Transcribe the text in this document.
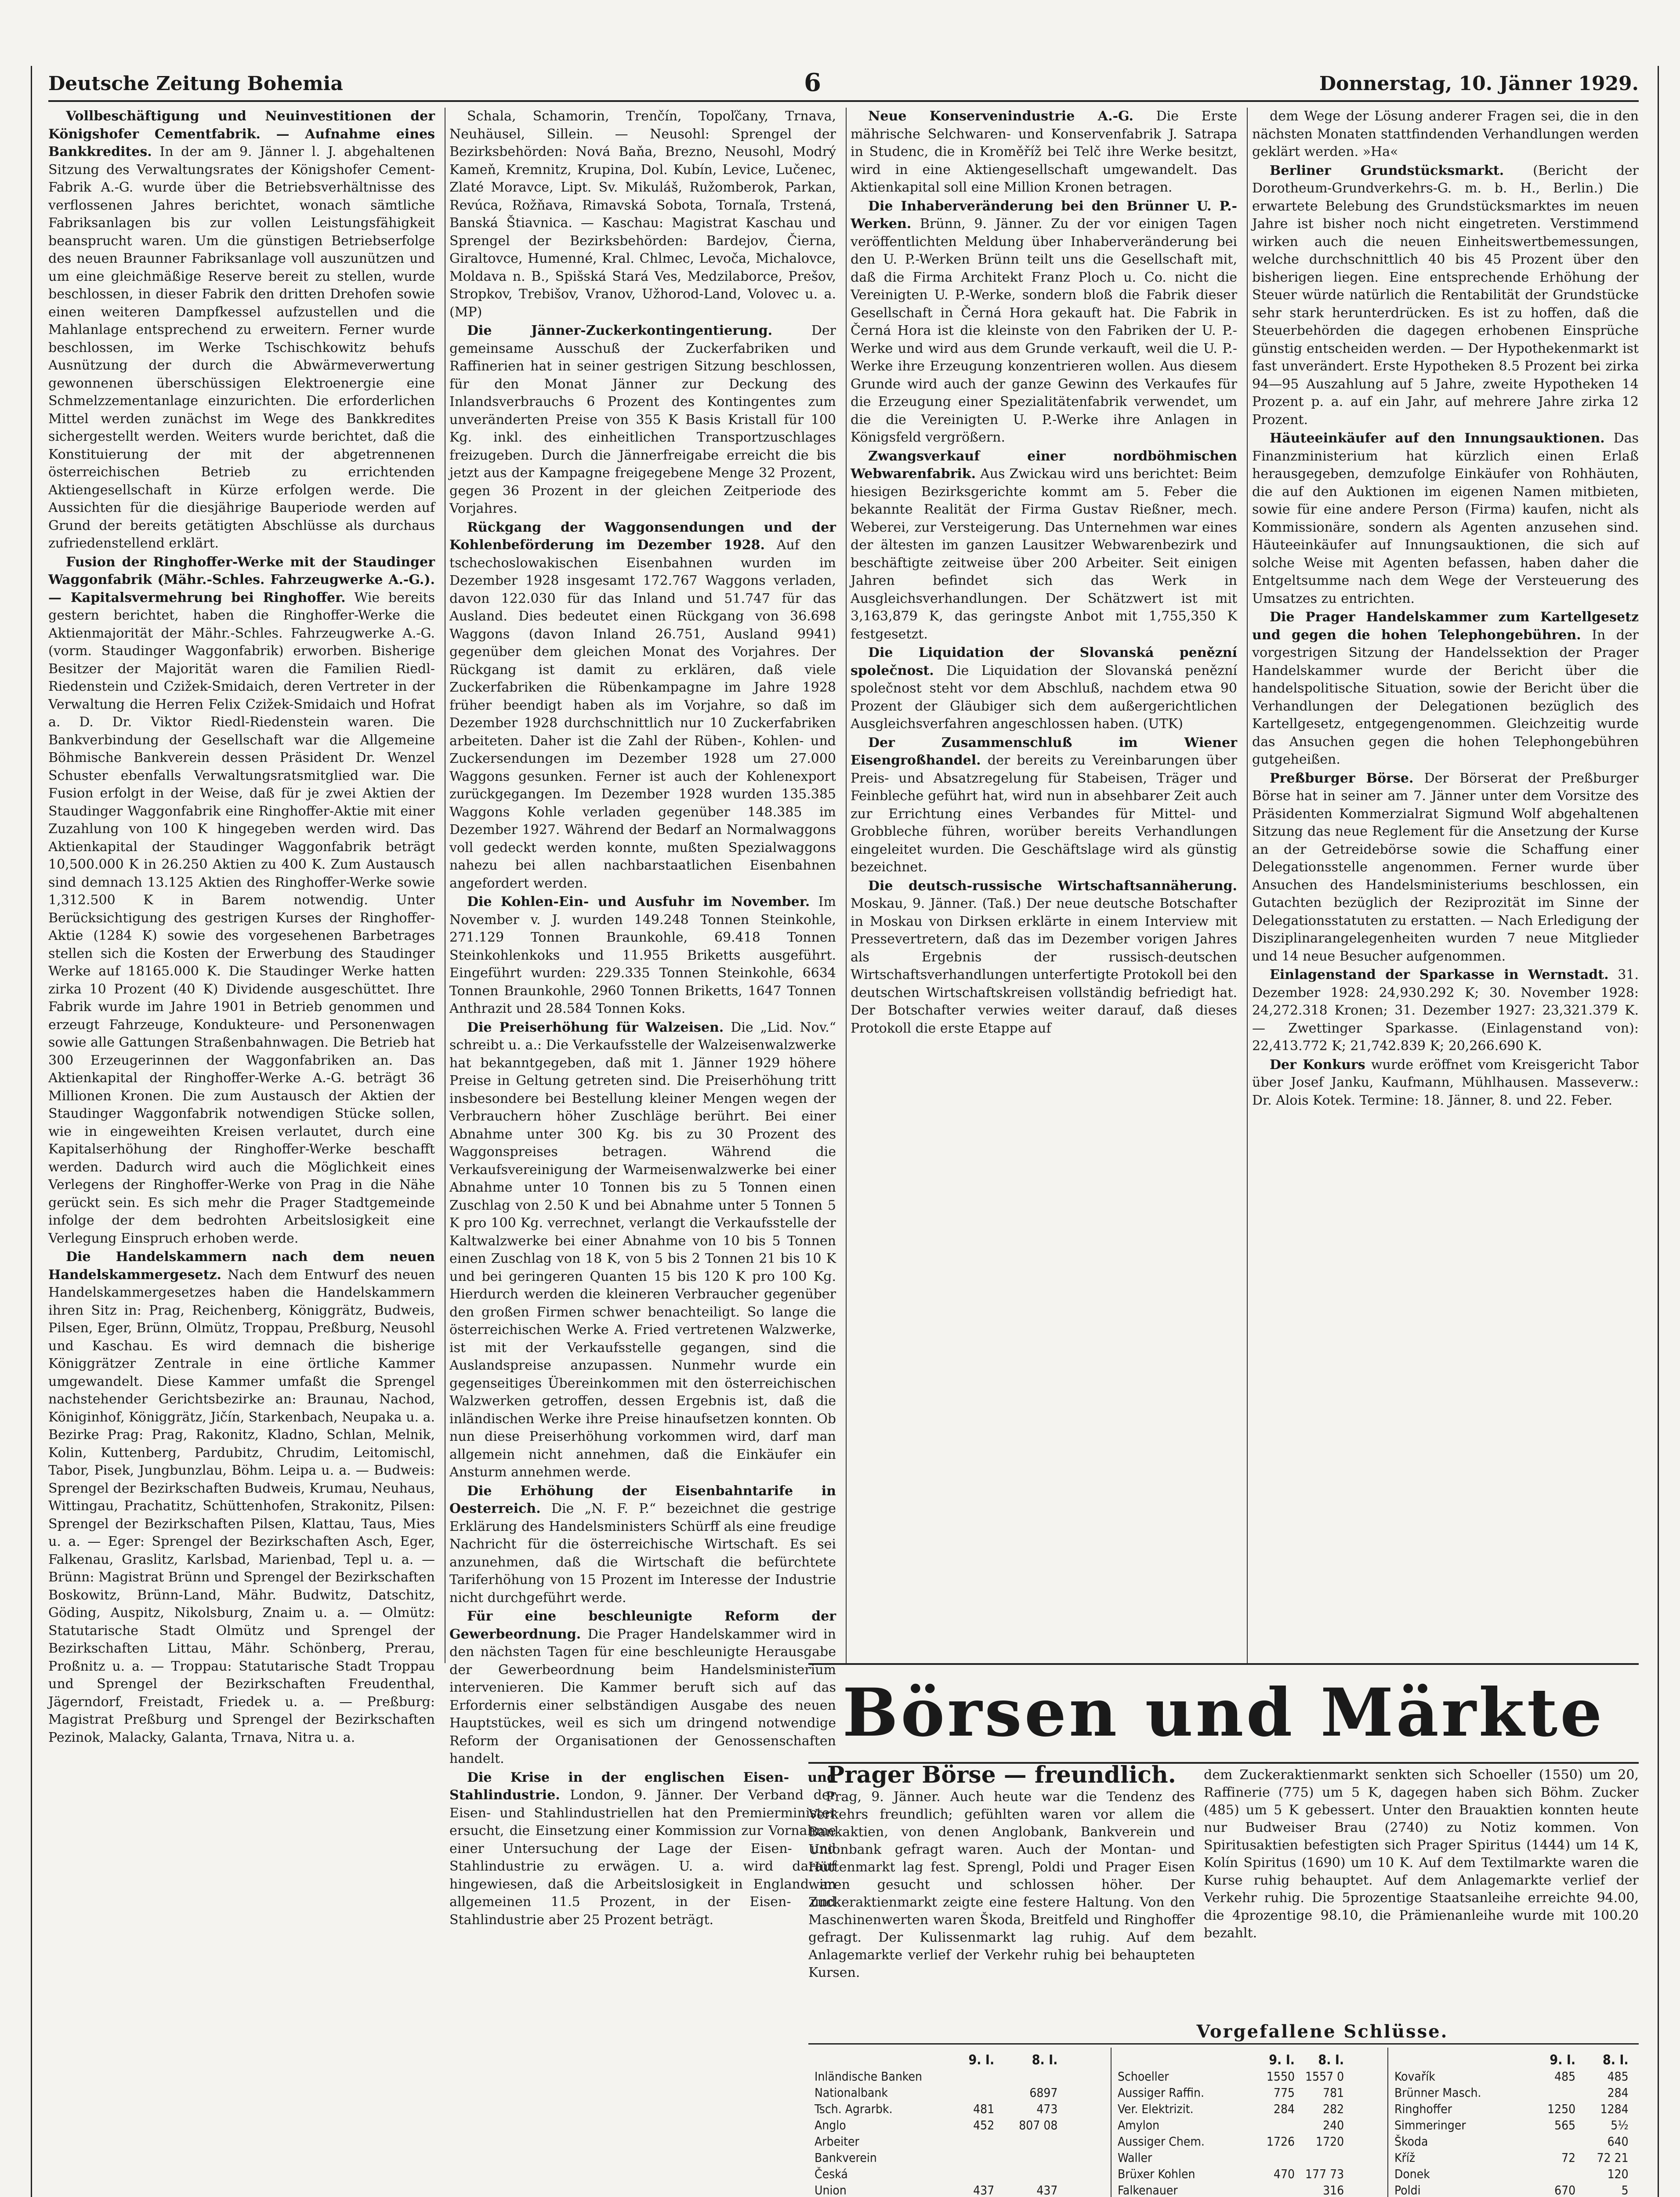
Deutsche Zeitung Bohemia	6	Donnerstag, 10. Jänner 1929.

Vollbeschäftigung und Neuinvestitionen der Königshofer Cementfabrik. — Aufnahme eines Bankkredites. In der am 9. Jänner l. J. abgehaltenen Sitzung des Verwaltungsrates der Königshofer Cement-Fabrik A.-G. wurde über die Betriebsverhältnisse des verflossenen Jahres berichtet, wonach sämtliche Fabriksanlagen bis zur vollen Leistungsfähigkeit beansprucht waren. Um die günstigen Betriebserfolge des neuen Braunner Fabriksanlage voll auszunützen und um eine gleichmäßige Reserve bereit zu stellen, wurde beschlossen, in dieser Fabrik den dritten Drehofen sowie einen weiteren Dampfkessel aufzustellen und die Mahlanlage entsprechend zu erweitern. Ferner wurde beschlossen, im Werke Tschischkowitz behufs Ausnützung der durch die Abwärmeverwertung gewonnenen überschüssigen Elektroenergie eine Schmelzzementanlage einzurichten. Die erforderlichen Mittel werden zunächst im Wege des Bankkredites sichergestellt werden. Weiters wurde berichtet, daß die Konstituierung der mit der abgetrennenen österreichischen Betrieb zu errichtenden Aktiengesellschaft in Kürze erfolgen werde. Die Aussichten für die diesjährige Bauperiode werden auf Grund der bereits getätigten Abschlüsse als durchaus zufriedenstellend erklärt.

Fusion der Ringhoffer-Werke mit der Staudinger Waggonfabrik (Mähr.-Schles. Fahrzeugwerke A.-G.). — Kapitalsvermehrung bei Ringhoffer. Wie bereits gestern berichtet, haben die Ringhoffer-Werke die Aktienmajorität der Mähr.-Schles. Fahrzeugwerke A.-G. (vorm. Staudinger Waggonfabrik) erworben. Bisherige Besitzer der Majorität waren die Familien Riedl-Riedenstein und Czižek-Smidaich, deren Vertreter in der Verwaltung die Herren Felix Czižek-Smidaich und Hofrat a. D. Dr. Viktor Riedl-Riedenstein waren. Die Bankverbindung der Gesellschaft war die Allgemeine Böhmische Bankverein dessen Präsident Dr. Wenzel Schuster ebenfalls Verwaltungsratsmitglied war. Die Fusion erfolgt in der Weise, daß für je zwei Aktien der Staudinger Waggonfabrik eine Ringhoffer-Aktie mit einer Zuzahlung von 100 K hingegeben werden wird. Das Aktienkapital der Staudinger Waggonfabrik beträgt 10,500.000 K in 26.250 Aktien zu 400 K. Zum Austausch sind demnach 13.125 Aktien des Ringhoffer-Werke sowie 1,312.500 K in Barem notwendig. Unter Berücksichtigung des gestrigen Kurses der Ringhoffer-Aktie (1284 K) sowie des vorgesehenen Barbetrages stellen sich die Kosten der Erwerbung des Staudinger Werke auf 18165.000 K. Die Staudinger Werke hatten zirka 10 Prozent (40 K) Dividende ausgeschüttet. Ihre Fabrik wurde im Jahre 1901 in Betrieb genommen und erzeugt Fahrzeuge, Kondukteure- und Personenwagen sowie alle Gattungen Straßenbahnwagen. Die Betrieb hat 300 Erzeugerinnen der Waggonfabriken an. Das Aktienkapital der Ringhoffer-Werke A.-G. beträgt 36 Millionen Kronen. Die zum Austausch der Aktien der Staudinger Waggonfabrik notwendigen Stücke sollen, wie in eingeweihten Kreisen verlautet, durch eine Kapitalserhöhung der Ringhoffer-Werke beschafft werden. Dadurch wird auch die Möglichkeit eines Verlegens der Ringhoffer-Werke von Prag in die Nähe gerückt sein. Es sich mehr die Prager Stadtgemeinde infolge der dem bedrohten Arbeitslosigkeit eine Verlegung Einspruch erhoben werde.

Die Handelskammern nach dem neuen Handelskammergesetz. Nach dem Entwurf des neuen Handelskammergesetzes haben die Handelskammern ihren Sitz in: Prag, Reichenberg, Königgrätz, Budweis, Pilsen, Eger, Brünn, Olmütz, Troppau, Preßburg, Neusohl und Kaschau. Es wird demnach die bisherige Königgrätzer Zentrale in eine örtliche Kammer umgewandelt. Diese Kammer umfaßt die Sprengel nachstehender Gerichtsbezirke an: Braunau, Nachod, Königinhof, Königgrätz, Jičín, Starkenbach, Neupaka u. a. Bezirke Prag: Prag, Rakonitz, Kladno, Schlan, Melnik, Kolin, Kuttenberg, Pardubitz, Chrudim, Leitomischl, Tabor, Pisek, Jungbunzlau, Böhm. Leipa u. a. — Budweis: Sprengel der Bezirkschaften Budweis, Krumau, Neuhaus, Wittingau, Prachatitz, Schüttenhofen, Strakonitz, Pilsen: Sprengel der Bezirkschaften Pilsen, Klattau, Taus, Mies u. a. — Eger: Sprengel der Bezirkschaften Asch, Eger, Falkenau, Graslitz, Karlsbad, Marienbad, Tepl u. a. — Brünn: Magistrat Brünn und Sprengel der Bezirkschaften Boskowitz, Brünn-Land, Mähr. Budwitz, Datschitz, Göding, Auspitz, Nikolsburg, Znaim u. a. — Olmütz: Statutarische Stadt Olmütz und Sprengel der Bezirkschaften Littau, Mähr. Schönberg, Prerau, Proßnitz u. a. — Troppau: Statutarische Stadt Troppau und Sprengel der Bezirkschaften Freudenthal, Jägerndorf, Freistadt, Friedek u. a. — Preßburg: Magistrat Preßburg und Sprengel der Bezirkschaften Pezinok, Malacky, Galanta, Trnava, Nitra u. a.

Schala, Schamorin, Trenčín, Topoľčany, Trnava, Neuhäusel, Sillein. — Neusohl: Sprengel der Bezirksbehörden: Nová Baňa, Brezno, Neusohl, Modrý Kameň, Kremnitz, Krupina, Dol. Kubín, Levice, Lučenec, Zlaté Moravce, Lipt. Sv. Mikuláš, Ružomberok, Parkan, Revúca, Rožňava, Rimavská Sobota, Tornaľa, Trstená, Banská Štiavnica. — Kaschau: Magistrat Kaschau und Sprengel der Bezirksbehörden: Bardejov, Čierna, Giraltovce, Humenné, Kral. Chlmec, Levoča, Michalovce, Moldava n. B., Spišská Stará Ves, Medzilaborce, Prešov, Stropkov, Trebišov, Vranov, Užhorod-Land, Volovec u. a. (MP)

Die Jänner-Zuckerkontingentierung.	Der gemeinsame Ausschuß der Zuckerfabriken und Raffinerien hat in seiner gestrigen Sitzung beschlossen, für den Monat Jänner zur Deckung des Inlandsverbrauchs 6 Prozent des Kontingentes zum unveränderten Preise von 355 K Basis Kristall für 100 Kg. inkl. des einheitlichen Transportzuschlages freizugeben. Durch die Jännerfreigabe erreicht die bis jetzt aus der Kampagne freigegebene Menge 32 Prozent, gegen 36 Prozent in der gleichen Zeitperiode des Vorjahres.

Rückgang der Waggonsendungen und der Kohlenbeförderung im Dezember 1928. Auf den tschechoslowakischen Eisenbahnen wurden im Dezember 1928 insgesamt 172.767 Waggons verladen, davon 122.030 für das Inland und 51.747 für das Ausland. Dies bedeutet einen Rückgang von 36.698 Waggons (davon Inland 26.751, Ausland 9941) gegenüber dem gleichen Monat des Vorjahres. Der Rückgang ist damit zu erklären, daß viele Zuckerfabriken die Rübenkampagne im Jahre 1928 früher beendigt haben als im Vorjahre, so daß im Dezember 1928 durchschnittlich nur 10 Zuckerfabriken arbeiteten. Daher ist die Zahl der Rüben-, Kohlen- und Zuckersendungen im Dezember 1928 um 27.000 Waggons gesunken. Ferner ist auch der Kohlenexport zurückgegangen. Im Dezember 1928 wurden 135.385 Waggons Kohle verladen gegenüber 148.385 im Dezember 1927. Während der Bedarf an Normalwaggons voll gedeckt werden konnte, mußten Spezialwaggons nahezu bei allen nachbarstaatlichen Eisenbahnen angefordert werden.

Die Kohlen-Ein- und Ausfuhr im November. Im November v. J. wurden 149.248 Tonnen Steinkohle, 271.129 Tonnen Braunkohle, 69.418 Tonnen Steinkohlenkoks und 11.955 Briketts ausgeführt. Eingeführt wurden: 229.335 Tonnen Steinkohle, 6634 Tonnen Braunkohle, 2960 Tonnen Briketts, 1647 Tonnen Anthrazit und 28.584 Tonnen Koks.

Die Preiserhöhung für Walzeisen. Die „Lid. Nov.“ schreibt u. a.: Die Verkaufsstelle der Walzeisenwalzwerke hat bekanntgegeben, daß mit 1. Jänner 1929 höhere Preise in Geltung getreten sind. Die Preiserhöhung tritt insbesondere bei Bestellung kleiner Mengen wegen der Verbrauchern höher Zuschläge berührt. Bei einer Abnahme unter 300 Kg. bis zu 30 Prozent des Waggonspreises betragen. Während die Verkaufsvereinigung der Warmeisenwalzwerke bei einer Abnahme unter 10 Tonnen bis zu 5 Tonnen einen Zuschlag von 2.50 K und bei Abnahme unter 5 Tonnen 5 K pro 100 Kg. verrechnet, verlangt die Verkaufsstelle der Kaltwalzwerke bei einer Abnahme von 10 bis 5 Tonnen einen Zuschlag von 18 K, von 5 bis 2 Tonnen 21 bis 10 K und bei geringeren Quanten 15 bis 120 K pro 100 Kg. Hierdurch werden die kleineren Verbraucher gegenüber den großen Firmen schwer benachteiligt. So lange die österreichischen Werke A. Fried vertretenen Walzwerke, ist mit der Verkaufsstelle gegangen, sind die Auslandspreise anzupassen. Nunmehr wurde ein gegenseitiges Übereinkommen mit den österreichischen Walzwerken getroffen, dessen Ergebnis ist, daß die inländischen Werke ihre Preise hinaufsetzen konnten. Ob nun diese Preiserhöhung vorkommen wird, darf man allgemein nicht annehmen, daß die Einkäufer ein Ansturm annehmen werde.

Die Erhöhung der Eisenbahntarife in Oesterreich. Die „N. F. P.“ bezeichnet die gestrige Erklärung des Handelsministers Schürff als eine freudige Nachricht für die österreichische Wirtschaft. Es sei anzunehmen, daß die Wirtschaft die befürchtete Tariferhöhung von 15 Prozent im Interesse der Industrie nicht durchgeführt werde.

Für eine beschleunigte Reform der Gewerbeordnung. Die Prager Handelskammer wird in den nächsten Tagen für eine beschleunigte Herausgabe der Gewerbeordnung beim Handelsministerium intervenieren. Die Kammer beruft sich auf das Erfordernis einer selbständigen Ausgabe des neuen Hauptstückes, weil es sich um dringend notwendige Reform der Organisationen der Genossenschaften handelt.

Die Krise in der englischen Eisen- und Stahlindustrie. London, 9. Jänner. Der Verband der Eisen- und Stahlindustriellen hat den Premierminister ersucht, die Einsetzung einer Kommission zur Vornahme einer Untersuchung der Lage der Eisen- und Stahlindustrie zu erwägen. U. a. wird darauf hingewiesen, daß die Arbeitslosigkeit in England im allgemeinen 11.5 Prozent, in der Eisen- und Stahlindustrie aber 25 Prozent beträgt.

Neue Konservenindustrie A.-G. Die Erste mährische Selchwaren- und Konservenfabrik J. Satrapa in Studenc, die in Kroměříž bei Telč ihre Werke besitzt, wird in eine Aktiengesellschaft umgewandelt. Das Aktienkapital soll eine Million Kronen betragen.

Die Inhaberveränderung bei den Brünner U. P.-Werken. Brünn, 9. Jänner. Zu der vor einigen Tagen veröffentlichten Meldung über Inhaberveränderung bei den U. P.-Werken Brünn teilt uns die Gesellschaft mit, daß die Firma Architekt Franz Ploch u. Co. nicht die Vereinigten U. P.-Werke, sondern bloß die Fabrik dieser Gesellschaft in Černá Hora gekauft hat. Die Fabrik in Černá Hora ist die kleinste von den Fabriken der U. P.-Werke und wird aus dem Grunde verkauft, weil die U. P.-Werke ihre Erzeugung konzentrieren wollen. Aus diesem Grunde wird auch der ganze Gewinn des Verkaufes für die Erzeugung einer Spezialitätenfabrik verwendet, um die die Vereinigten U. P.-Werke ihre Anlagen in Königsfeld vergrößern.

Zwangsverkauf einer nordböhmischen Webwarenfabrik. Aus Zwickau wird uns berichtet: Beim hiesigen Bezirksgerichte kommt am 5. Feber die bekannte Realität der Firma Gustav Rießner, mech. Weberei, zur Versteigerung. Das Unternehmen war eines der ältesten im ganzen Lausitzer Webwarenbezirk und beschäftigte zeitweise über 200 Arbeiter. Seit einigen Jahren befindet sich das Werk in Ausgleichsverhandlungen. Der Schätzwert ist mit 3,163,879 K, das geringste Anbot mit 1,755,350 K festgesetzt.

Die Liquidation der Slovanská penězní společnost. Die Liquidation der Slovanská penězní společnost steht vor dem Abschluß, nachdem etwa 90 Prozent der Gläubiger sich dem außergerichtlichen Ausgleichsverfahren angeschlossen haben. (UTK)

Der Zusammenschluß im Wiener Eisengroßhandel. der bereits zu Vereinbarungen über Preis- und Absatzregelung für Stabeisen, Träger und Feinbleche geführt hat, wird nun in absehbarer Zeit auch zur Errichtung eines Verbandes für Mittel- und Grobbleche führen, worüber bereits Verhandlungen eingeleitet wurden. Die Geschäftslage wird als günstig bezeichnet.

Die deutsch-russische Wirtschaftsannäherung. Moskau, 9. Jänner. (Taß.) Der neue deutsche Botschafter in Moskau von Dirksen erklärte in einem Interview mit Pressevertretern, daß das im Dezember vorigen Jahres als Ergebnis der russisch-deutschen Wirtschaftsverhandlungen unterfertigte Protokoll bei den deutschen Wirtschaftskreisen vollständig befriedigt hat. Der Botschafter verwies weiter darauf, daß dieses Protokoll die erste Etappe auf

dem Wege der Lösung anderer Fragen sei, die in den nächsten Monaten stattfindenden Verhandlungen werden geklärt werden. »Ha«

Berliner Grundstücksmarkt. (Bericht der Dorotheum-Grundverkehrs-G. m. b. H., Berlin.) Die erwartete Belebung des Grundstücksmarktes im neuen Jahre ist bisher noch nicht eingetreten. Verstimmend wirken auch die neuen Einheitswertbemessungen, welche durchschnittlich 40 bis 45 Prozent über den bisherigen liegen. Eine entsprechende Erhöhung der Steuer würde natürlich die Rentabilität der Grundstücke sehr stark herunterdrücken. Es ist zu hoffen, daß die Steuerbehörden die dagegen erhobenen Einsprüche günstig entscheiden werden. — Der Hypothekenmarkt ist fast unverändert. Erste Hypotheken 8.5 Prozent bei zirka 94—95 Auszahlung auf 5 Jahre, zweite Hypotheken 14 Prozent p. a. auf ein Jahr, auf mehrere Jahre zirka 12 Prozent.

Häuteeinkäufer auf den Innungsauktionen. Das Finanzministerium hat kürzlich einen Erlaß herausgegeben, demzufolge Einkäufer von Rohhäuten, die auf den Auktionen im eigenen Namen mitbieten, sowie für eine andere Person (Firma) kaufen, nicht als Kommissionäre, sondern als Agenten anzusehen sind. Häuteeinkäufer auf Innungsauktionen, die sich auf solche Weise mit Agenten befassen, haben daher die Entgeltsumme nach dem Wege der Versteuerung des Umsatzes zu entrichten.

Die Prager Handelskammer zum Kartellgesetz und gegen die hohen Telephongebühren. In der vorgestrigen Sitzung der Handelssektion der Prager Handelskammer wurde der Bericht über die handelspolitische Situation, sowie der Bericht über die Verhandlungen der Delegationen bezüglich des Kartellgesetz, entgegengenommen. Gleichzeitig wurde das Ansuchen gegen die hohen Telephongebühren gutgeheißen.

Preßburger Börse. Der Börserat der Preßburger Börse hat in seiner am 7. Jänner unter dem Vorsitze des Präsidenten Kommerzialrat Sigmund Wolf abgehaltenen Sitzung das neue Reglement für die Ansetzung der Kurse an der Getreidebörse sowie die Schaffung einer Delegationsstelle angenommen. Ferner wurde über Ansuchen des Handelsministeriums beschlossen, ein Gutachten bezüglich der Reziprozität im Sinne der Delegationsstatuten zu erstatten. — Nach Erledigung der Disziplinarangelegenheiten wurden 7 neue Mitglieder und 14 neue Besucher aufgenommen.

Einlagenstand der Sparkasse in Wernstadt. 31. Dezember 1928: 24,930.292 K; 30. November 1928: 24,272.318 Kronen; 31. Dezember 1927: 23,321.379 K. — Zwettinger Sparkasse. (Einlagenstand von): 22,413.772 K; 21,742.839 K; 20,266.690 K.

Der Konkurs wurde eröffnet vom Kreisgericht Tabor über Josef Janku, Kaufmann, Mühlhausen. Masseverw.: Dr. Alois Kotek. Termine: 18. Jänner, 8. und 22. Feber.

Börsen und Märkte
Prager Börse — freundlich.

Prag, 9. Jänner. Auch heute war die Tendenz des Verkehrs freundlich; gefühlten waren vor allem die Bankaktien, von denen Anglobank, Bankverein und Unionbank gefragt waren. Auch der Montan- und Hüttenmarkt lag fest. Sprengl, Poldi und Prager Eisen waren gesucht und schlossen höher. Der Zuckeraktienmarkt zeigte eine festere Haltung. Von den Maschinenwerten waren Škoda, Breitfeld und Ringhoffer gefragt. Der Kulissenmarkt lag ruhig. Auf dem Anlagemarkte verlief der Verkehr ruhig bei behaupteten Kursen.

dem Zuckeraktienmarkt senkten sich Schoeller (1550) um 20, Raffinerie (775) um 5 K, dagegen haben sich Böhm. Zucker (485) um 5 K gebessert. Unter den Brauaktien konnten heute nur Budweiser Brau (2740) zu Notiz kommen. Von Spiritusaktien befestigten sich Prager Spiritus (1444) um 14 K, Kolín Spiritus (1690) um 10 K. Auf dem Textilmarkte waren die Kurse ruhig behauptet. Auf dem Anlagemarkte verlief der Verkehr ruhig. Die 5prozentige Staatsanleihe erreichte 94.00, die 4prozentige 98.10, die Prämienanleihe wurde mit 100.20 bezahlt.

Vorgefallene Schlüsse.
	9. I.	8. I.
Inländische Banken		
Nationalbank		6897
Tsch. Agrarbk.	481	473
Anglo	452	807 08
Arbeiter		
Bankverein		
Česká		
Union	437	437

	9. I.	8. I.
Schoeller	1550	1557 0
Aussiger Raffin.	775	781
Ver. Elektrizit.	284	282
Amylon		240
Aussiger Chem.	1726	1720
Waller		
Brüxer Kohlen	470	177 73
Falkenauer		316

	9. I.	8. I.
Kovařík	485	485
Brünner Masch.		284
Ringhoffer	1250	1284
Simmeringer	565	5½
Škoda		640
Kříž	72	72 21
Donek		120
Poldi	670	5
